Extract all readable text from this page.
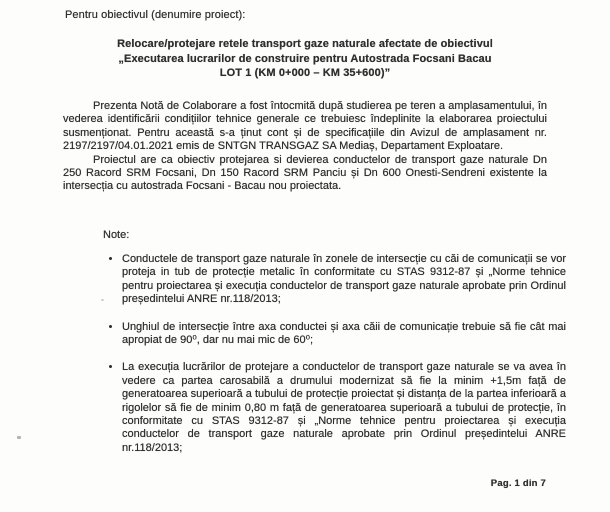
Pentru obiectivul (denumire proiect):
Relocare/protejare retele transport gaze naturale afectate de obiectivul
„Executarea lucrarilor de construire pentru Autostrada Focsani Bacau
LOT 1 (KM 0+000 – KM 35+600)”

Prezenta Notă de Colaborare a fost întocmită după studierea pe teren a amplasamentului, în vederea identificării condițiilor tehnice generale ce trebuiesc îndeplinite la elaborarea proiectului susmenționat. Pentru această s-a ținut cont și de specificațiile din Avizul de amplasament nr. 2197/2197/04.01.2021 emis de SNTGN TRANSGAZ SA Mediaș, Departament Exploatare.

Proiectul are ca obiectiv protejarea si devierea conductelor de transport gaze naturale Dn 250 Racord SRM Focsani, Dn 150 Racord SRM Panciu și Dn 600 Onesti-Sendreni existente la intersecția cu autostrada Focsani - Bacau nou proiectata.

Note:
• Conductele de transport gaze naturale în zonele de intersecție cu căi de comunicații se vor proteja in tub de protecție metalic în conformitate cu STAS 9312-87 și „Norme tehnice pentru proiectarea și execuția conductelor de transport gaze naturale aprobate prin Ordinul președintelui ANRE nr.118/2013;
• Unghiul de intersecție între axa conductei și axa căii de comunicație trebuie să fie cât mai apropiat de 90⁰, dar nu mai mic de 60⁰;
• La execuția lucrărilor de protejare a conductelor de transport gaze naturale se va avea în vedere ca partea carosabilă a drumului modernizat să fie la minim +1,5m față de generatoarea superioară a tubului de protecție proiectat și distanța de la partea inferioară a rigolelor să fie de minim 0,80 m față de generatoarea superioară a tubului de protecție, în conformitate cu STAS 9312-87 și „Norme tehnice pentru proiectarea și execuția conductelor de transport gaze naturale aprobate prin Ordinul președintelui ANRE nr.118/2013;
Pag. 1 din 7
